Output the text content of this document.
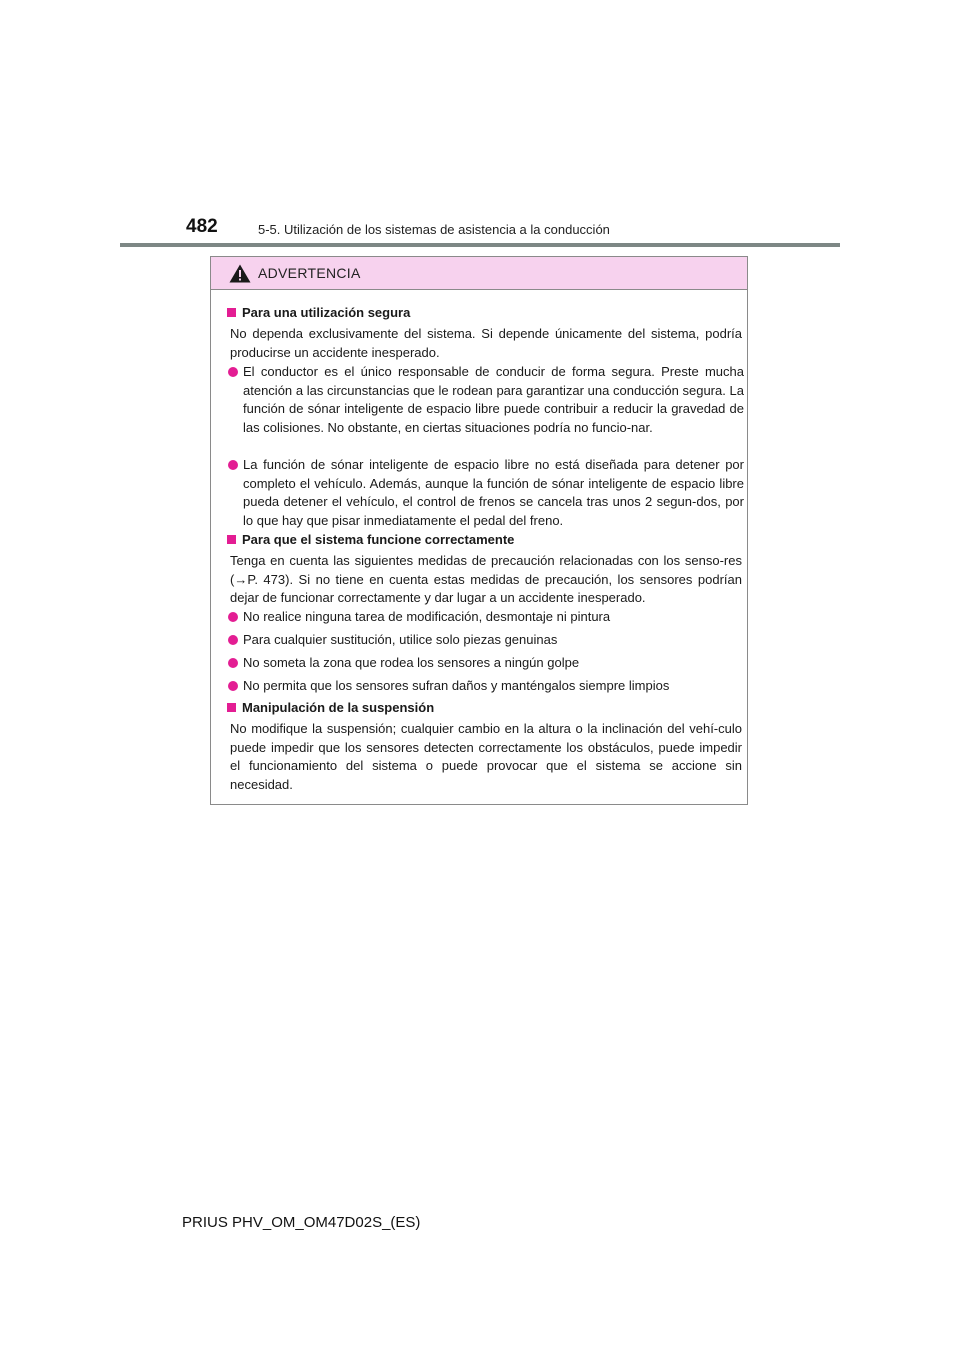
482	5-5. Utilización de los sistemas de asistencia a la conducción
ADVERTENCIA
Para una utilización segura
No dependa exclusivamente del sistema. Si depende únicamente del sistema, podría producirse un accidente inesperado.
El conductor es el único responsable de conducir de forma segura. Preste mucha atención a las circunstancias que le rodean para garantizar una conducción segura. La función de sónar inteligente de espacio libre puede contribuir a reducir la gravedad de las colisiones. No obstante, en ciertas situaciones podría no funcio-nar.
La función de sónar inteligente de espacio libre no está diseñada para detener por completo el vehículo. Además, aunque la función de sónar inteligente de espacio libre pueda detener el vehículo, el control de frenos se cancela tras unos 2 segun-dos, por lo que hay que pisar inmediatamente el pedal del freno.
Para que el sistema funcione correctamente
Tenga en cuenta las siguientes medidas de precaución relacionadas con los senso-res (→P. 473). Si no tiene en cuenta estas medidas de precaución, los sensores podrían dejar de funcionar correctamente y dar lugar a un accidente inesperado.
No realice ninguna tarea de modificación, desmontaje ni pintura
Para cualquier sustitución, utilice solo piezas genuinas
No someta la zona que rodea los sensores a ningún golpe
No permita que los sensores sufran daños y manténgalos siempre limpios
Manipulación de la suspensión
No modifique la suspensión; cualquier cambio en la altura o la inclinación del vehí-culo puede impedir que los sensores detecten correctamente los obstáculos, puede impedir el funcionamiento del sistema o puede provocar que el sistema se accione sin necesidad.
PRIUS PHV_OM_OM47D02S_(ES)
